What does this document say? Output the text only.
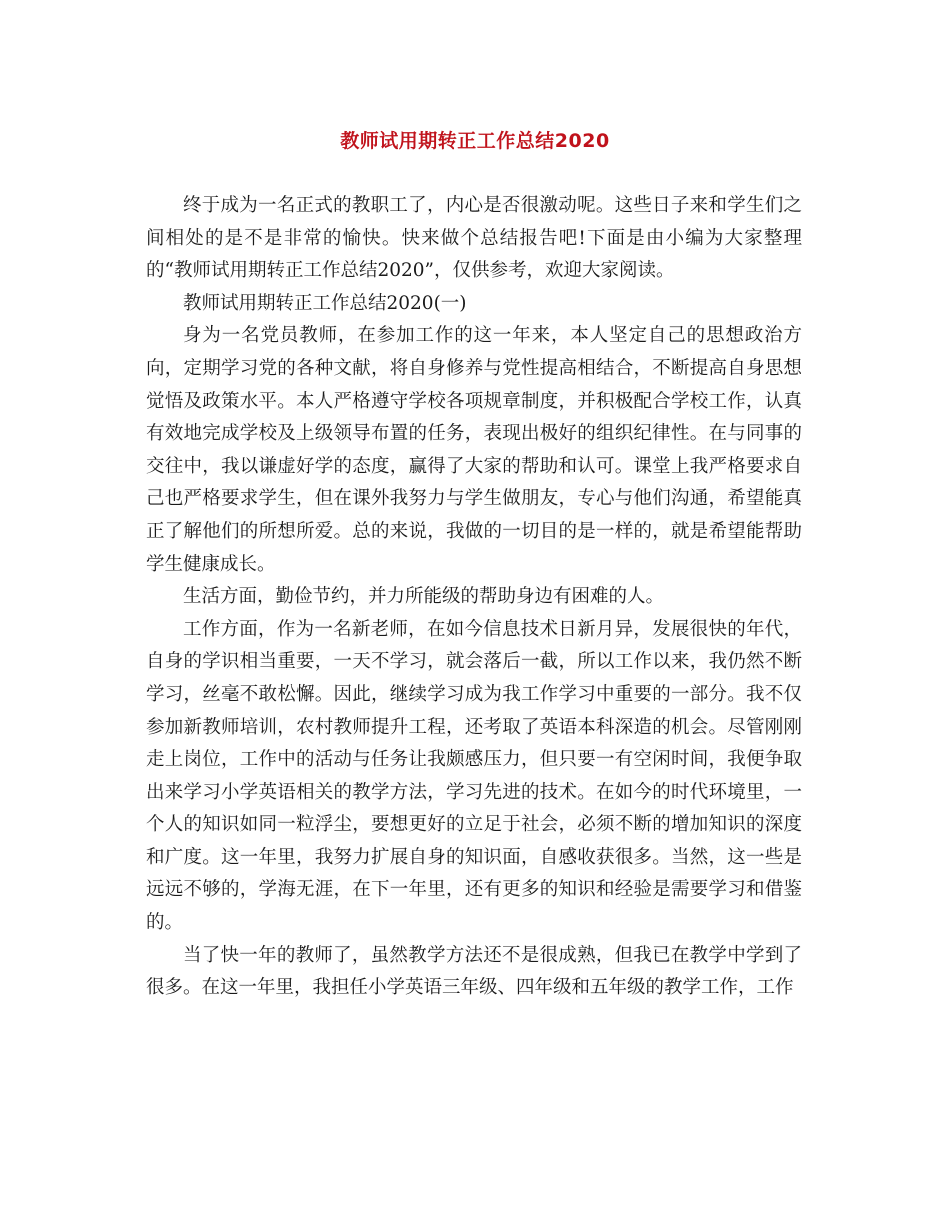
教师试用期转正工作总结2020

终于成为一名正式的教职工了，内心是否很激动呢。这些日子来和学生们之间相处的是不是非常的愉快。快来做个总结报告吧!下面是由小编为大家整理的“教师试用期转正工作总结2020”，仅供参考，欢迎大家阅读。

教师试用期转正工作总结2020(一)

身为一名党员教师，在参加工作的这一年来，本人坚定自己的思想政治方向，定期学习党的各种文献，将自身修养与党性提高相结合，不断提高自身思想觉悟及政策水平。本人严格遵守学校各项规章制度，并积极配合学校工作，认真有效地完成学校及上级领导布置的任务，表现出极好的组织纪律性。在与同事的交往中，我以谦虚好学的态度，赢得了大家的帮助和认可。课堂上我严格要求自己也严格要求学生，但在课外我努力与学生做朋友，专心与他们沟通，希望能真正了解他们的所想所爱。总的来说，我做的一切目的是一样的，就是希望能帮助学生健康成长。

生活方面，勤俭节约，并力所能级的帮助身边有困难的人。

工作方面，作为一名新老师，在如今信息技术日新月异，发展很快的年代，自身的学识相当重要，一天不学习，就会落后一截，所以工作以来，我仍然不断学习，丝毫不敢松懈。因此，继续学习成为我工作学习中重要的一部分。我不仅参加新教师培训，农村教师提升工程，还考取了英语本科深造的机会。尽管刚刚走上岗位，工作中的活动与任务让我颇感压力，但只要一有空闲时间，我便争取出来学习小学英语相关的教学方法，学习先进的技术。在如今的时代环境里，一个人的知识如同一粒浮尘，要想更好的立足于社会，必须不断的增加知识的深度和广度。这一年里，我努力扩展自身的知识面，自感收获很多。当然，这一些是远远不够的，学海无涯，在下一年里，还有更多的知识和经验是需要学习和借鉴的。

当了快一年的教师了，虽然教学方法还不是很成熟，但我已在教学中学到了很多。在这一年里，我担任小学英语三年级、四年级和五年级的教学工作，工作
